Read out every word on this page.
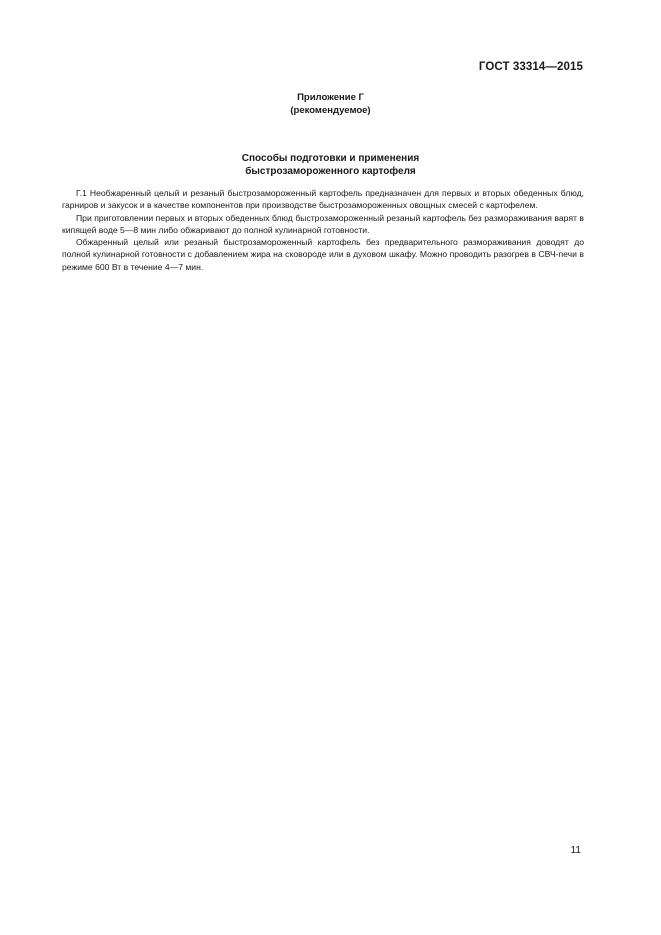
ГОСТ 33314—2015
Приложение Г
(рекомендуемое)
Способы подготовки и применения
быстрозамороженного картофеля

Г.1 Необжаренный целый и резаный быстрозамороженный картофель предназначен для первых и вторых обеденных блюд, гарниров и закусок и в качестве компонентов при производстве быстрозамороженных овощных смесей с картофелем.

При приготовлении первых и вторых обеденных блюд быстрозамороженный резаный картофель без размораживания варят в кипящей воде 5—8 мин либо обжаривают до полной кулинарной готовности.

Обжаренный целый или резаный быстрозамороженный картофель без предварительного размораживания доводят до полной кулинарной готовности с добавлением жира на сковороде или в духовом шкафу. Можно проводить разогрев в СВЧ-печи в режиме 600 Вт в течение 4—7 мин.

11
